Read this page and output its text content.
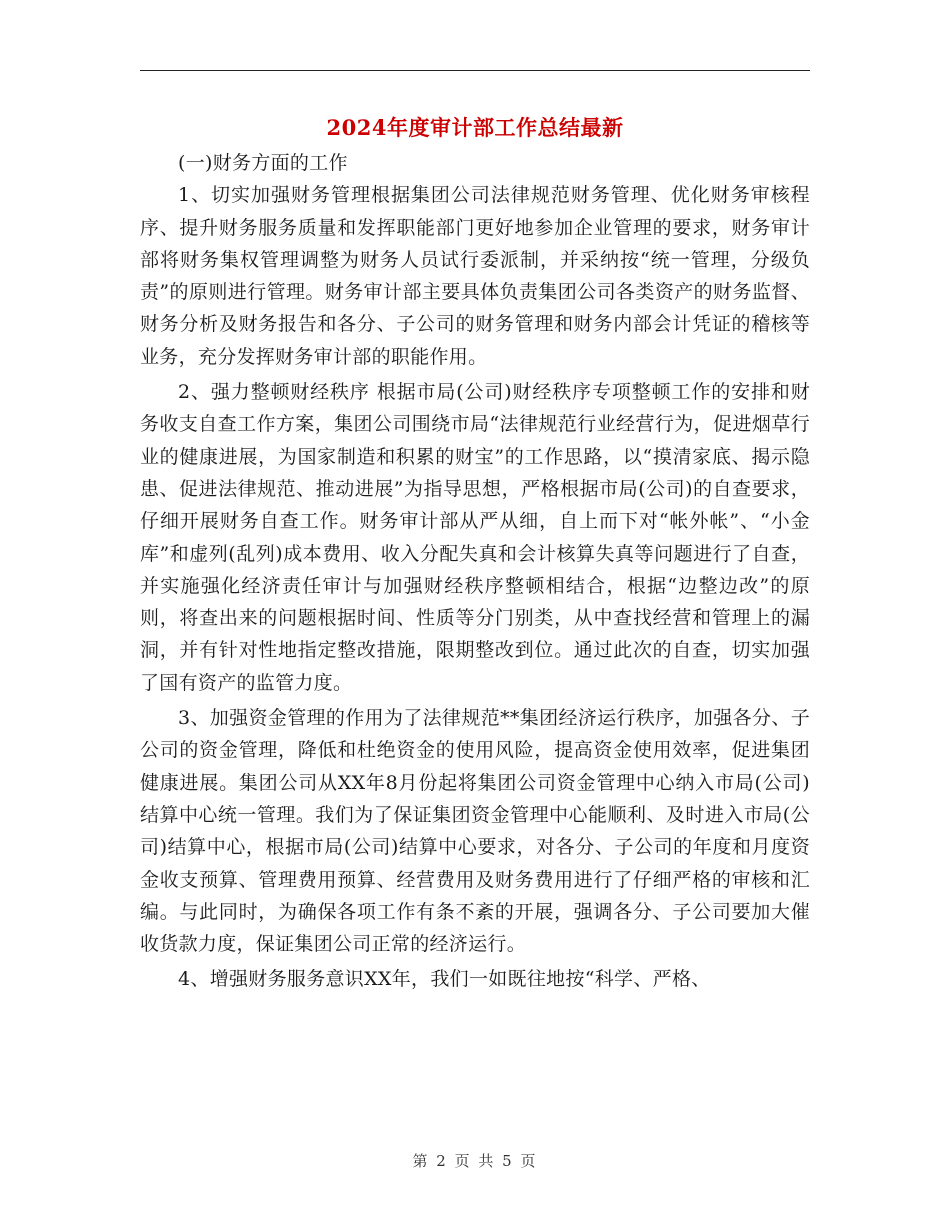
2024年度审计部工作总结最新

(一)财务方面的工作

1、切实加强财务管理根据集团公司法律规范财务管理、优化财务审核程序、提升财务服务质量和发挥职能部门更好地参加企业管理的要求，财务审计部将财务集权管理调整为财务人员试行委派制，并采纳按“统一管理，分级负责”的原则进行管理。财务审计部主要具体负责集团公司各类资产的财务监督、财务分析及财务报告和各分、子公司的财务管理和财务内部会计凭证的稽核等业务，充分发挥财务审计部的职能作用。

2、强力整顿财经秩序 根据市局(公司)财经秩序专项整顿工作的安排和财务收支自查工作方案，集团公司围绕市局“法律规范行业经营行为，促进烟草行业的健康进展，为国家制造和积累的财宝”的工作思路，以“摸清家底、揭示隐患、促进法律规范、推动进展”为指导思想，严格根据市局(公司)的自查要求，仔细开展财务自查工作。财务审计部从严从细，自上而下对“帐外帐”、“小金库”和虚列(乱列)成本费用、收入分配失真和会计核算失真等问题进行了自查，并实施强化经济责任审计与加强财经秩序整顿相结合，根据“边整边改”的原则，将查出来的问题根据时间、性质等分门别类，从中查找经营和管理上的漏洞，并有针对性地指定整改措施，限期整改到位。通过此次的自查，切实加强了国有资产的监管力度。

3、加强资金管理的作用为了法律规范**集团经济运行秩序，加强各分、子公司的资金管理，降低和杜绝资金的使用风险，提高资金使用效率，促进集团健康进展。集团公司从XX年8月份起将集团公司资金管理中心纳入市局(公司)结算中心统一管理。我们为了保证集团资金管理中心能顺利、及时进入市局(公司)结算中心，根据市局(公司)结算中心要求，对各分、子公司的年度和月度资金收支预算、管理费用预算、经营费用及财务费用进行了仔细严格的审核和汇编。与此同时，为确保各项工作有条不紊的开展，强调各分、子公司要加大催收货款力度，保证集团公司正常的经济运行。

4、增强财务服务意识XX年，我们一如既往地按“科学、严格、

第 2 页 共 5 页
